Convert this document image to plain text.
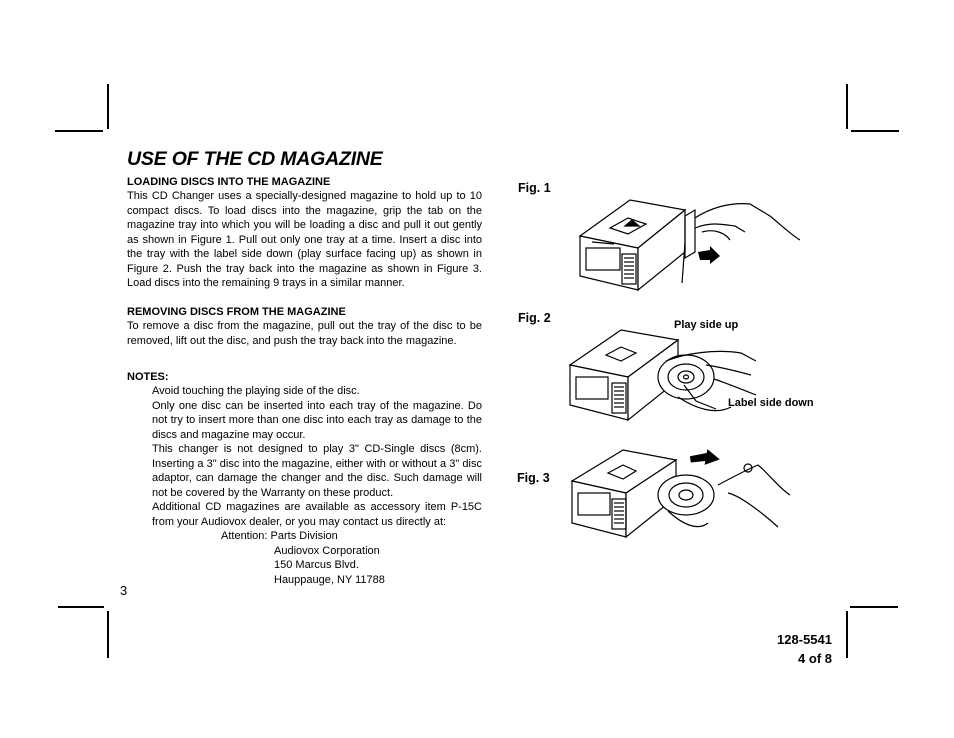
USE OF THE CD MAGAZINE
LOADING DISCS INTO THE MAGAZINE

This CD Changer uses a specially-designed magazine to hold up to 10 compact discs. To load discs into the magazine, grip the tab on the magazine tray into which you will be loading a disc and pull it out gently as shown in Figure 1. Pull out only one tray at a time. Insert a disc into the tray with the label side down (play surface facing up) as shown in Figure 2. Push the tray back into the magazine as shown in Figure 3. Load discs into the remaining 9 trays in a similar manner.

REMOVING DISCS FROM THE MAGAZINE

To remove a disc from the magazine, pull out the tray of the disc to be removed, lift out the disc, and push the tray back into the magazine.

NOTES:

Avoid touching the playing side of the disc.

Only one disc can be inserted into each tray of the magazine. Do not try to insert more than one disc into each tray as damage to the discs and magazine may occur.

This changer is not designed to play 3" CD-Single discs (8cm). Inserting a 3" disc into the magazine, either with or without a 3" disc adaptor, can damage the changer and the disc. Such damage will not be covered by the Warranty on these product.

Additional CD magazines are available as accessory item P-15C from your Audiovox dealer, or you may contact us directly at:

Attention: Parts Division
Audiovox Corporation
150 Marcus Blvd.
Hauppauge, NY 11788
3
128-5541
4 of 8
Fig. 1
Fig. 2
Fig. 3
Play side up
Label side down
